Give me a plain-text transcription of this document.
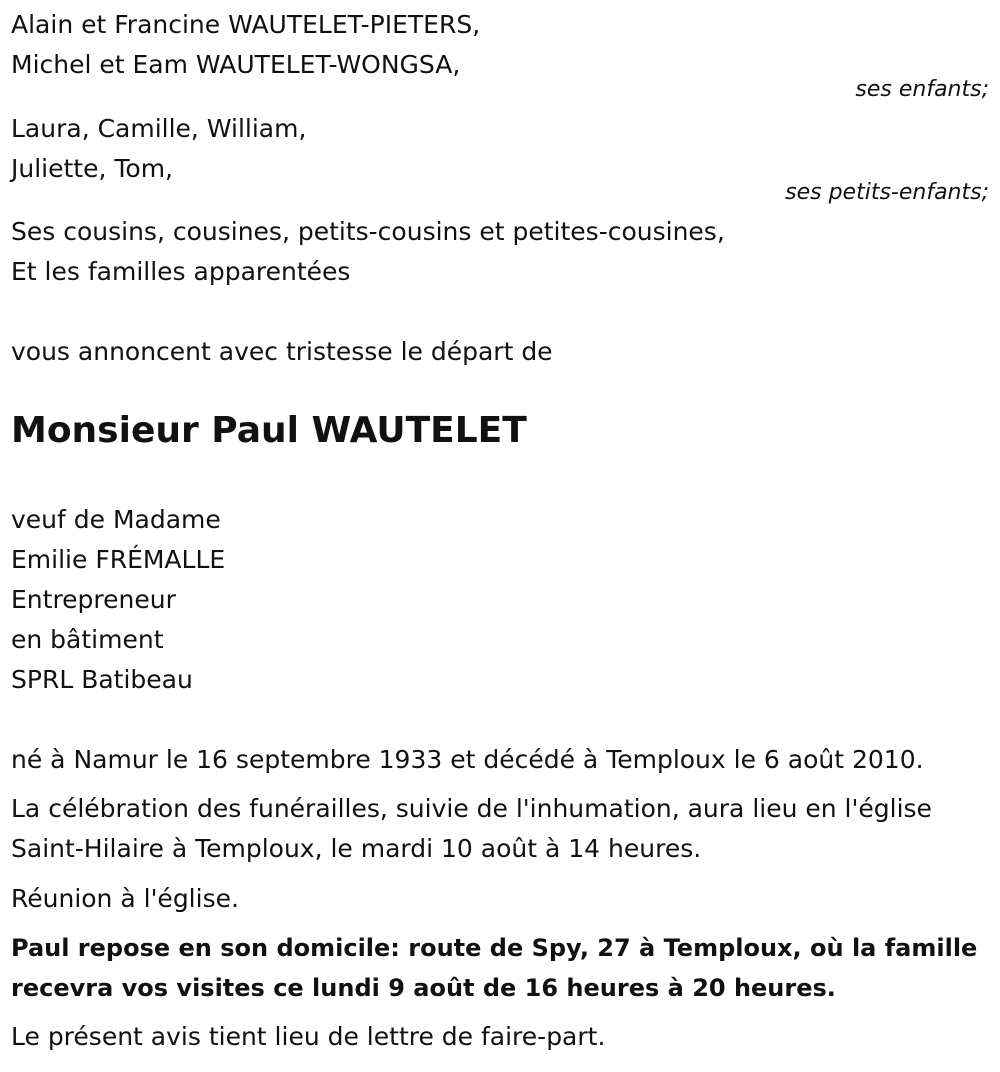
Alain et Francine WAUTELET-PIETERS,
Michel et Eam WAUTELET-WONGSA,
ses enfants;
Laura, Camille, William,
Juliette, Tom,
ses petits-enfants;
Ses cousins, cousines, petits-cousins et petites-cousines,
Et les familles apparentées
vous annoncent avec tristesse le départ de
Monsieur Paul WAUTELET
veuf de Madame
Emilie FRÉMALLE
Entrepreneur
en bâtiment
SPRL Batibeau
né à Namur le 16 septembre 1933 et décédé à Temploux le 6 août 2010.
La célébration des funérailles, suivie de l'inhumation, aura lieu en l'église
Saint-Hilaire à Temploux, le mardi 10 août à 14 heures.
Réunion à l'église.
Paul repose en son domicile: route de Spy, 27 à Temploux, où la famille
recevra vos visites ce lundi 9 août de 16 heures à 20 heures.
Le présent avis tient lieu de lettre de faire-part.
